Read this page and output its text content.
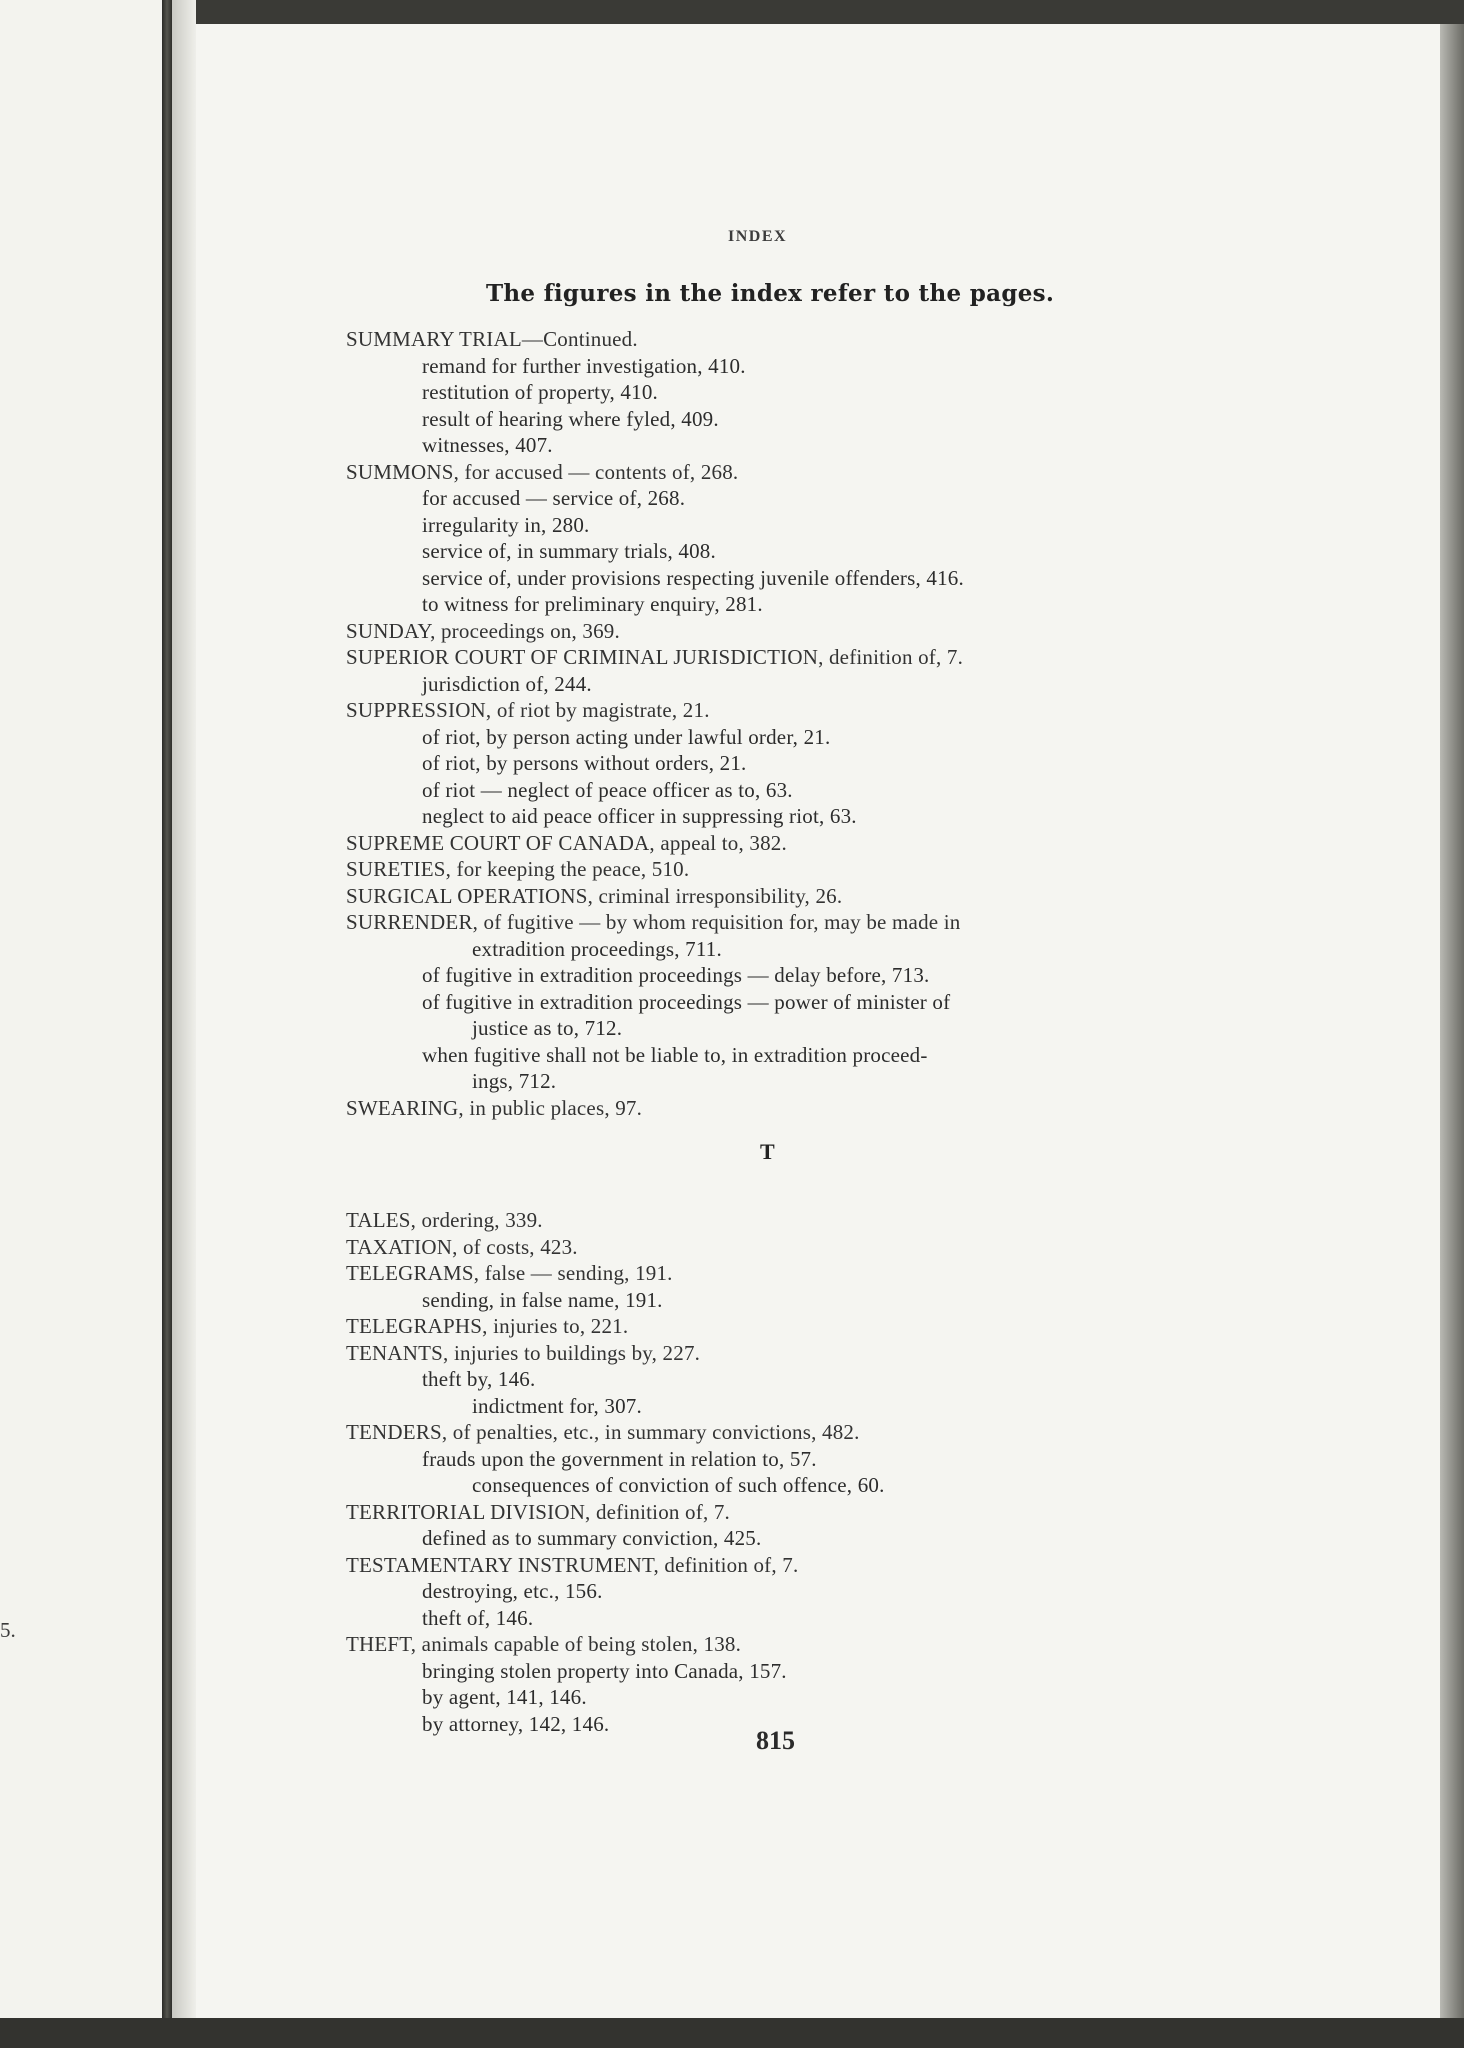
5.
INDEX
The figures in the index refer to the pages.
SUMMARY TRIAL—Continued.
remand for further investigation, 410.
restitution of property, 410.
result of hearing where fyled, 409.
witnesses, 407.
SUMMONS, for accused — contents of, 268.
for accused — service of, 268.
irregularity in, 280.
service of, in summary trials, 408.
service of, under provisions respecting juvenile offenders, 416.
to witness for preliminary enquiry, 281.
SUNDAY, proceedings on, 369.
SUPERIOR COURT OF CRIMINAL JURISDICTION, definition of, 7.
jurisdiction of, 244.
SUPPRESSION, of riot by magistrate, 21.
of riot, by person acting under lawful order, 21.
of riot, by persons without orders, 21.
of riot — neglect of peace officer as to, 63.
neglect to aid peace officer in suppressing riot, 63.
SUPREME COURT OF CANADA, appeal to, 382.
SURETIES, for keeping the peace, 510.
SURGICAL OPERATIONS, criminal irresponsibility, 26.
SURRENDER, of fugitive — by whom requisition for, may be made in
extradition proceedings, 711.
of fugitive in extradition proceedings — delay before, 713.
of fugitive in extradition proceedings — power of minister of
justice as to, 712.
when fugitive shall not be liable to, in extradition proceed-
ings, 712.
SWEARING, in public places, 97.
T
TALES, ordering, 339.
TAXATION, of costs, 423.
TELEGRAMS, false — sending, 191.
sending, in false name, 191.
TELEGRAPHS, injuries to, 221.
TENANTS, injuries to buildings by, 227.
theft by, 146.
indictment for, 307.
TENDERS, of penalties, etc., in summary convictions, 482.
frauds upon the government in relation to, 57.
consequences of conviction of such offence, 60.
TERRITORIAL DIVISION, definition of, 7.
defined as to summary conviction, 425.
TESTAMENTARY INSTRUMENT, definition of, 7.
destroying, etc., 156.
theft of, 146.
THEFT, animals capable of being stolen, 138.
bringing stolen property into Canada, 157.
by agent, 141, 146.
by attorney, 142, 146.
815
